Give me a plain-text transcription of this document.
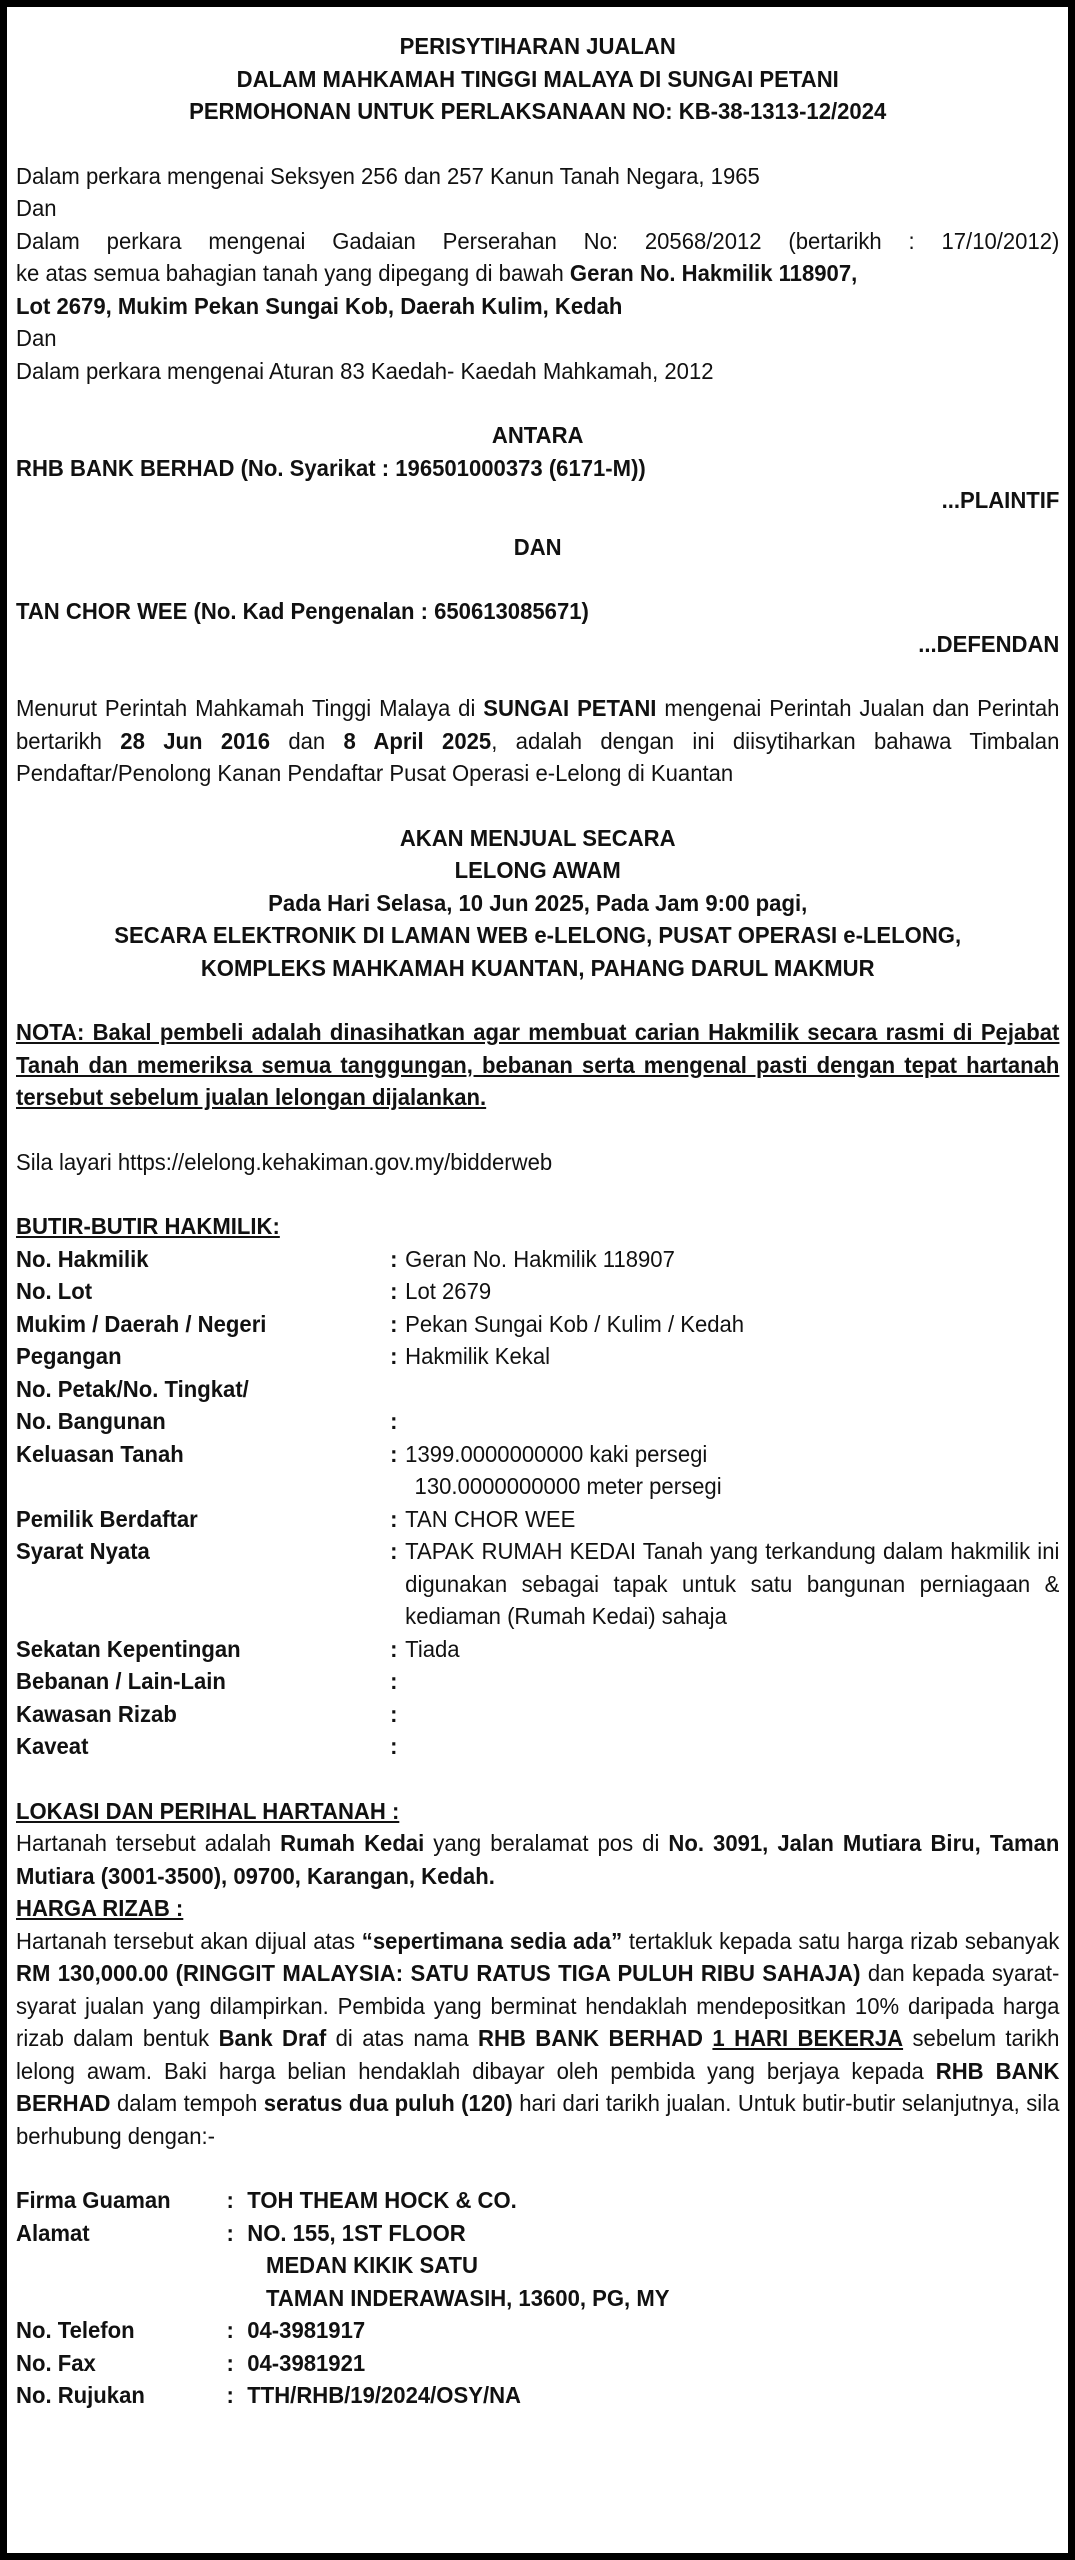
PERISYTIHARAN JUALAN
DALAM MAHKAMAH TINGGI MALAYA DI SUNGAI PETANI
PERMOHONAN UNTUK PERLAKSANAAN NO: KB-38-1313-12/2024
Dalam perkara mengenai Seksyen 256 dan 257 Kanun Tanah Negara, 1965
Dan
Dalam perkara mengenai Gadaian Perserahan No: 20568/2012 (bertarikh : 17/10/2012)
ke atas semua bahagian tanah yang dipegang di bawah Geran No. Hakmilik 118907,
Lot 2679, Mukim Pekan Sungai Kob, Daerah Kulim, Kedah
Dan
Dalam perkara mengenai Aturan 83 Kaedah- Kaedah Mahkamah, 2012
ANTARA
RHB BANK BERHAD (No. Syarikat : 196501000373 (6171-M))
...PLAINTIF
DAN
TAN CHOR WEE (No. Kad Pengenalan : 650613085671)
...DEFENDAN
Menurut Perintah Mahkamah Tinggi Malaya di SUNGAI PETANI mengenai Perintah Jualan dan Perintah bertarikh 28 Jun 2016 dan 8 April 2025, adalah dengan ini diisytiharkan bahawa Timbalan Pendaftar/Penolong Kanan Pendaftar Pusat Operasi e-Lelong di Kuantan
AKAN MENJUAL SECARA
LELONG AWAM
Pada Hari Selasa, 10 Jun 2025, Pada Jam 9:00 pagi,
SECARA ELEKTRONIK DI LAMAN WEB e-LELONG, PUSAT OPERASI e-LELONG,
KOMPLEKS MAHKAMAH KUANTAN, PAHANG DARUL MAKMUR
NOTA: Bakal pembeli adalah dinasihatkan agar membuat carian Hakmilik secara rasmi di Pejabat Tanah dan memeriksa semua tanggungan, bebanan serta mengenal pasti dengan tepat hartanah tersebut sebelum jualan lelongan dijalankan.
Sila layari https://elelong.kehakiman.gov.my/bidderweb
BUTIR-BUTIR HAKMILIK:
No. Hakmilik	: Geran No. Hakmilik 118907
No. Lot	: Lot 2679
Mukim / Daerah / Negeri	: Pekan Sungai Kob / Kulim / Kedah
Pegangan	: Hakmilik Kekal
No. Petak/No. Tingkat/
No. Bangunan	:
Keluasan Tanah	: 1399.0000000000 kaki persegi
130.0000000000 meter persegi
Pemilik Berdaftar	: TAN CHOR WEE
Syarat Nyata	: TAPAK RUMAH KEDAI Tanah yang terkandung dalam hakmilik ini digunakan sebagai tapak untuk satu bangunan perniagaan & kediaman (Rumah Kedai) sahaja
Sekatan Kepentingan	: Tiada
Bebanan / Lain-Lain	:
Kawasan Rizab	:
Kaveat	:
LOKASI DAN PERIHAL HARTANAH :
Hartanah tersebut adalah Rumah Kedai yang beralamat pos di No. 3091, Jalan Mutiara Biru, Taman Mutiara (3001-3500), 09700, Karangan, Kedah.
HARGA RIZAB :
Hartanah tersebut akan dijual atas “sepertimana sedia ada” tertakluk kepada satu harga rizab sebanyak RM 130,000.00 (RINGGIT MALAYSIA: SATU RATUS TIGA PULUH RIBU SAHAJA) dan kepada syarat-syarat jualan yang dilampirkan. Pembida yang berminat hendaklah mendepositkan 10% daripada harga rizab dalam bentuk Bank Draf di atas nama RHB BANK BERHAD 1 HARI BEKERJA sebelum tarikh lelong awam. Baki harga belian hendaklah dibayar oleh pembida yang berjaya kepada RHB BANK BERHAD dalam tempoh seratus dua puluh (120) hari dari tarikh jualan. Untuk butir-butir selanjutnya, sila berhubung dengan:-
Firma Guaman	: TOH THEAM HOCK & CO.
Alamat	: NO. 155, 1ST FLOOR
MEDAN KIKIK SATU
TAMAN INDERAWASIH, 13600, PG, MY
No. Telefon	: 04-3981917
No. Fax	: 04-3981921
No. Rujukan	: TTH/RHB/19/2024/OSY/NA
